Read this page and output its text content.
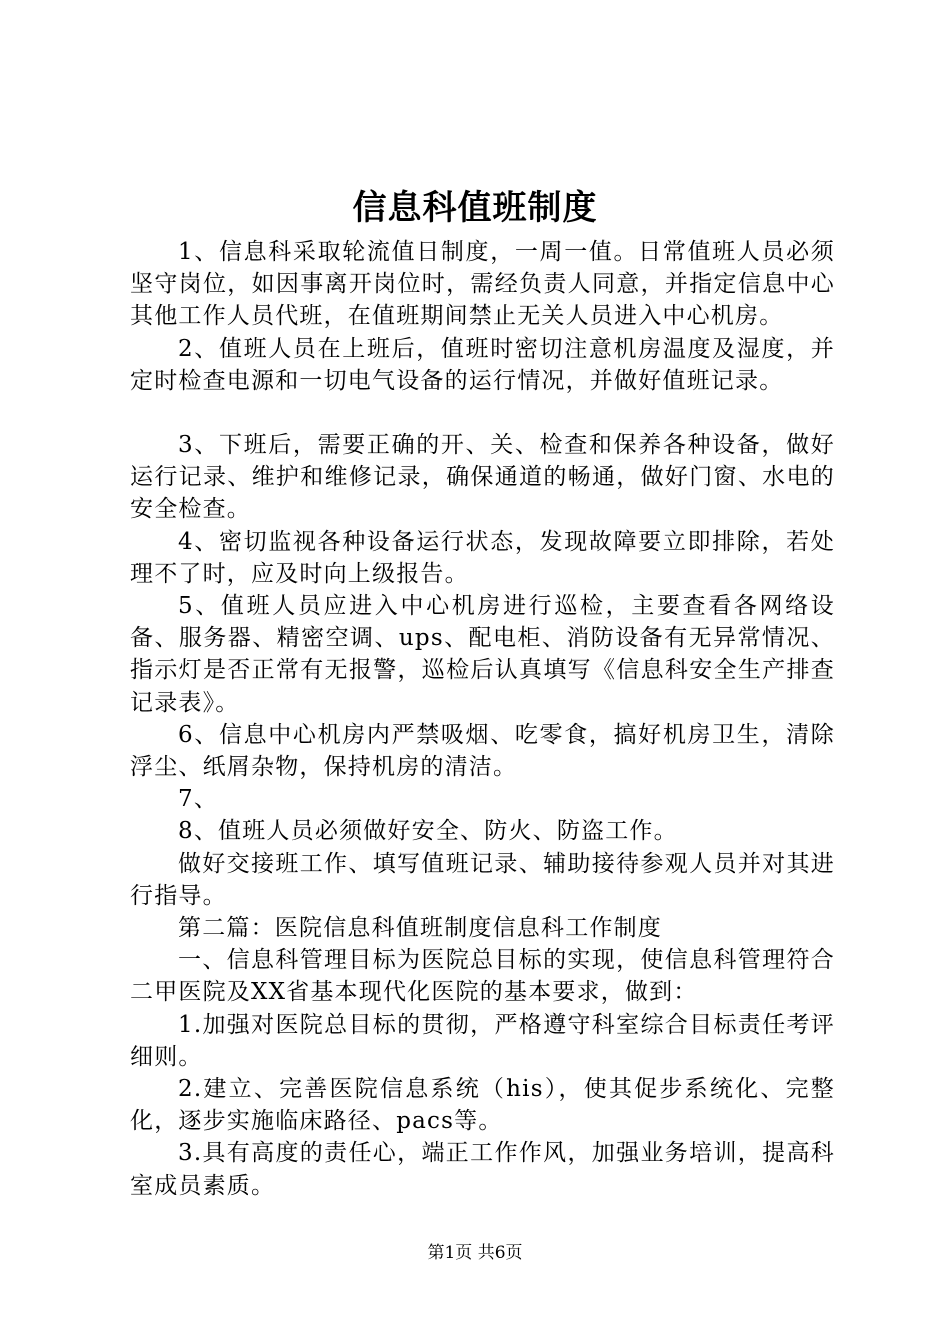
信息科值班制度

1、信息科采取轮流值日制度，一周一值。日常值班人员必须坚守岗位，如因事离开岗位时，需经负责人同意，并指定信息中心其他工作人员代班，在值班期间禁止无关人员进入中心机房。

2、值班人员在上班后，值班时密切注意机房温度及湿度，并定时检查电源和一切电气设备的运行情况，并做好值班记录。

3、下班后，需要正确的开、关、检查和保养各种设备，做好运行记录、维护和维修记录，确保通道的畅通，做好门窗、水电的安全检查。

4、密切监视各种设备运行状态，发现故障要立即排除，若处理不了时，应及时向上级报告。

5、值班人员应进入中心机房进行巡检，主要查看各网络设备、服务器、精密空调、ups、配电柜、消防设备有无异常情况、指示灯是否正常有无报警，巡检后认真填写《信息科安全生产排查记录表》。

6、信息中心机房内严禁吸烟、吃零食，搞好机房卫生，清除浮尘、纸屑杂物，保持机房的清洁。

7、

8、值班人员必须做好安全、防火、防盗工作。

做好交接班工作、填写值班记录、辅助接待参观人员并对其进行指导。

第二篇：医院信息科值班制度信息科工作制度

一、信息科管理目标为医院总目标的实现，使信息科管理符合二甲医院及XX省基本现代化医院的基本要求，做到：

1.加强对医院总目标的贯彻，严格遵守科室综合目标责任考评细则。

2.建立、完善医院信息系统（his），使其促步系统化、完整化，逐步实施临床路径、pacs等。

3.具有高度的责任心，端正工作作风，加强业务培训，提高科室成员素质。

第1页 共6页
